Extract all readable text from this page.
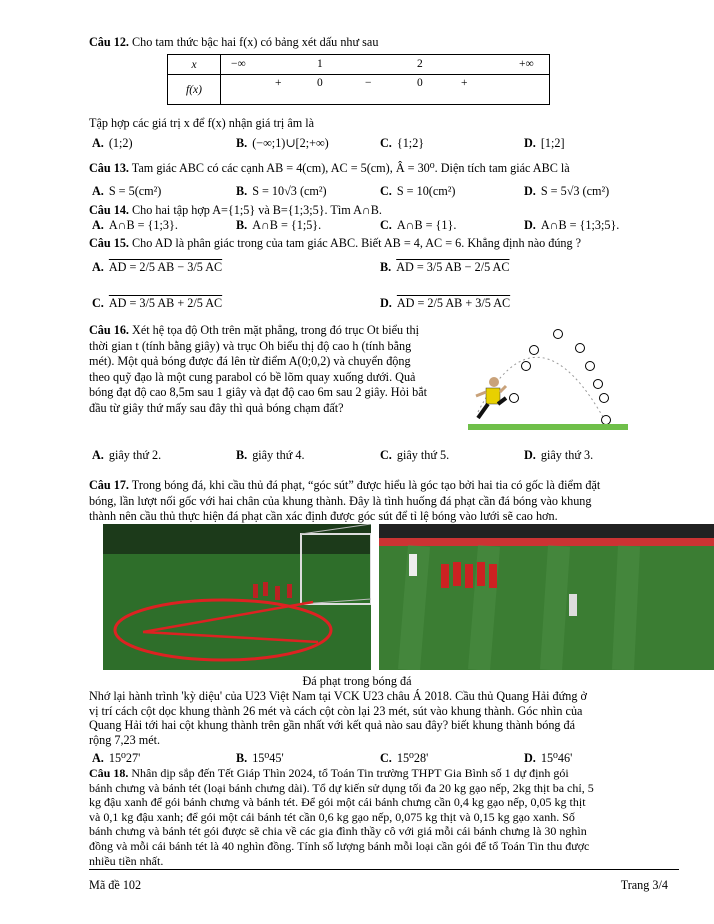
Câu 12. Cho tam thức bậc hai f(x) có bảng xét dấu như sau
x	−∞ 1 2 +∞

f(x)	+ 0 − 0 +
Tập hợp các giá trị x để f(x) nhận giá trị âm là
A. (1;2)	B. (−∞;1)∪[2;+∞)	C. {1;2}	D. [1;2]
Câu 13. Tam giác ABC có các cạnh AB = 4(cm), AC = 5(cm), Â = 30⁰. Diện tích tam giác ABC là
A. S = 5(cm²)	B. S = 10√3 (cm²)	C. S = 10(cm²)	D. S = 5√3 (cm²)
Câu 14. Cho hai tập hợp A={1;5} và B={1;3;5}. Tìm A∩B.
A. A∩B = {1;3}.	B. A∩B = {1;5}.	C. A∩B = {1}.	D. A∩B = {1;3;5}.
Câu 15. Cho AD là phân giác trong của tam giác ABC. Biết AB = 4, AC = 6. Khẳng định nào đúng ?
A. AD = 2/5 AB − 3/5 AC	B. AD = 3/5 AB − 2/5 AC
C. AD = 3/5 AB + 2/5 AC	D. AD = 2/5 AB + 3/5 AC
Câu 16. Xét hệ tọa độ Oth trên mặt phẳng, trong đó trục Ot biểu thị
thời gian t (tính bằng giây) và trục Oh biểu thị độ cao h (tính bằng
mét). Một quả bóng được đá lên từ điểm A(0;0,2) và chuyển động
theo quỹ đạo là một cung parabol có bề lõm quay xuống dưới. Quả
bóng đạt độ cao 8,5m sau 1 giây và đạt độ cao 6m sau 2 giây. Hỏi bắt
đầu từ giây thứ mấy sau đây thì quả bóng chạm đất?
A. giây thứ 2.	B. giây thứ 4.	C. giây thứ 5.	D. giây thứ 3.
Câu 17. Trong bóng đá, khi cầu thủ đá phạt, “góc sút” được hiểu là góc tạo bởi hai tia có gốc là điểm đặt
bóng, lần lượt nối gốc với hai chân của khung thành. Đây là tình huống đá phạt cần đá bóng vào khung
thành nên cầu thủ thực hiện đá phạt cần xác định được góc sút để tỉ lệ bóng vào lưới sẽ cao hơn.
Đá phạt trong bóng đá
Nhớ lại hành trình 'kỳ diệu' của U23 Việt Nam tại VCK U23 châu Á 2018. Cầu thủ Quang Hải đứng ở
vị trí cách cột dọc khung thành 26 mét và cách cột còn lại 23 mét, sút vào khung thành. Góc nhìn của
Quang Hải tới hai cột khung thành trên gần nhất với kết quả nào sau đây? biết khung thành bóng đá
rộng 7,23 mét.
A. 15⁰27'	B. 15⁰45'	C. 15⁰28'	D. 15⁰46'
Câu 18. Nhân dịp sắp đến Tết Giáp Thìn 2024, tổ Toán Tin trường THPT Gia Bình số 1 dự định gói
bánh chưng và bánh tét (loại bánh chưng dài). Tổ dự kiến sử dụng tối đa 20 kg gạo nếp, 2kg thịt ba chỉ, 5
kg đậu xanh để gói bánh chưng và bánh tét. Để gói một cái bánh chưng cần 0,4 kg gạo nếp, 0,05 kg thịt
và 0,1 kg đậu xanh; để gói một cái bánh tét cần 0,6 kg gạo nếp, 0,075 kg thịt và 0,15 kg gạo xanh. Số
bánh chưng và bánh tét gói được sẽ chia về các gia đình thầy cô với giá mỗi cái bánh chưng là 30 nghìn
đồng và mỗi cái bánh tét là 40 nghìn đồng. Tính số lượng bánh mỗi loại cần gói để tổ Toán Tin thu được
nhiều tiền nhất.
Mã đề 102	Trang 3/4
